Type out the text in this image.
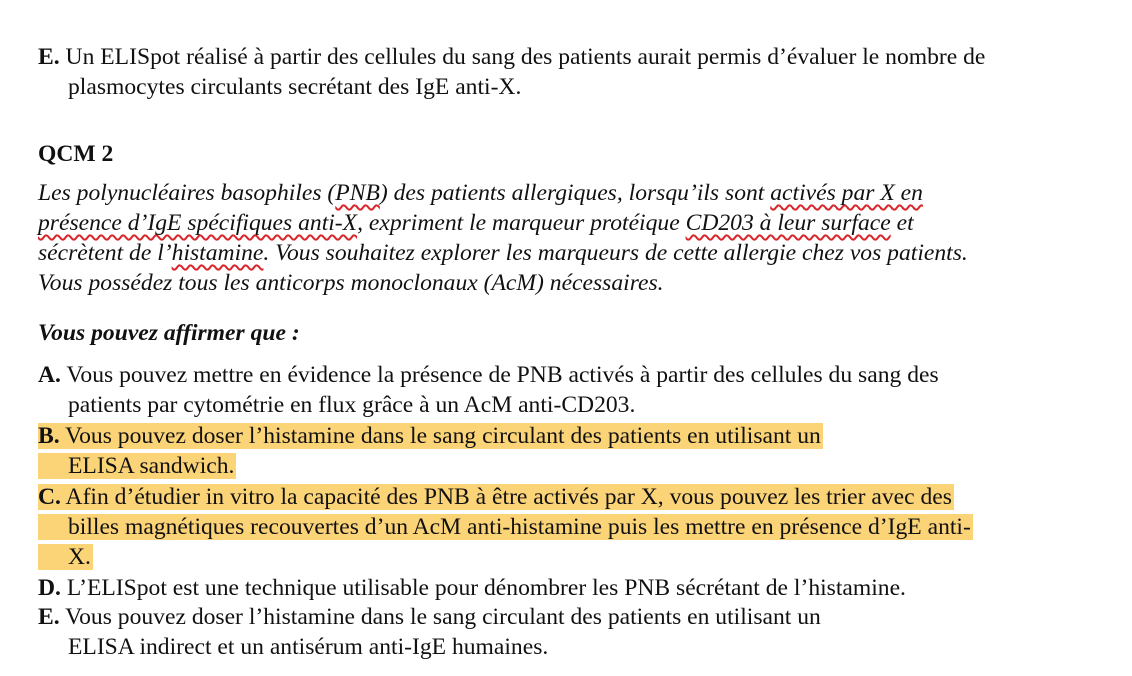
E. Un ELISpot réalisé à partir des cellules du sang des patients aurait permis d’évaluer le nombre de
plasmocytes circulants secrétant des IgE anti-X.
QCM 2
Les polynucléaires basophiles (PNB) des patients allergiques, lorsqu’ils sont activés par X en
présence d’IgE spécifiques anti-X, expriment le marqueur protéique CD203 à leur surface et
sécrètent de l’histamine. Vous souhaitez explorer les marqueurs de cette allergie chez vos patients.
Vous possédez tous les anticorps monoclonaux (AcM) nécessaires.
Vous pouvez affirmer que :
A. Vous pouvez mettre en évidence la présence de PNB activés à partir des cellules du sang des
patients par cytométrie en flux grâce à un AcM anti-CD203.
B. Vous pouvez doser l’histamine dans le sang circulant des patients en utilisant un
ELISA sandwich.
C. Afin d’étudier in vitro la capacité des PNB à être activés par X, vous pouvez les trier avec des
billes magnétiques recouvertes d’un AcM anti-histamine puis les mettre en présence d’IgE anti-
X.
D. L’ELISpot est une technique utilisable pour dénombrer les PNB sécrétant de l’histamine.
E. Vous pouvez doser l’histamine dans le sang circulant des patients en utilisant un
ELISA indirect et un antisérum anti-IgE humaines.
